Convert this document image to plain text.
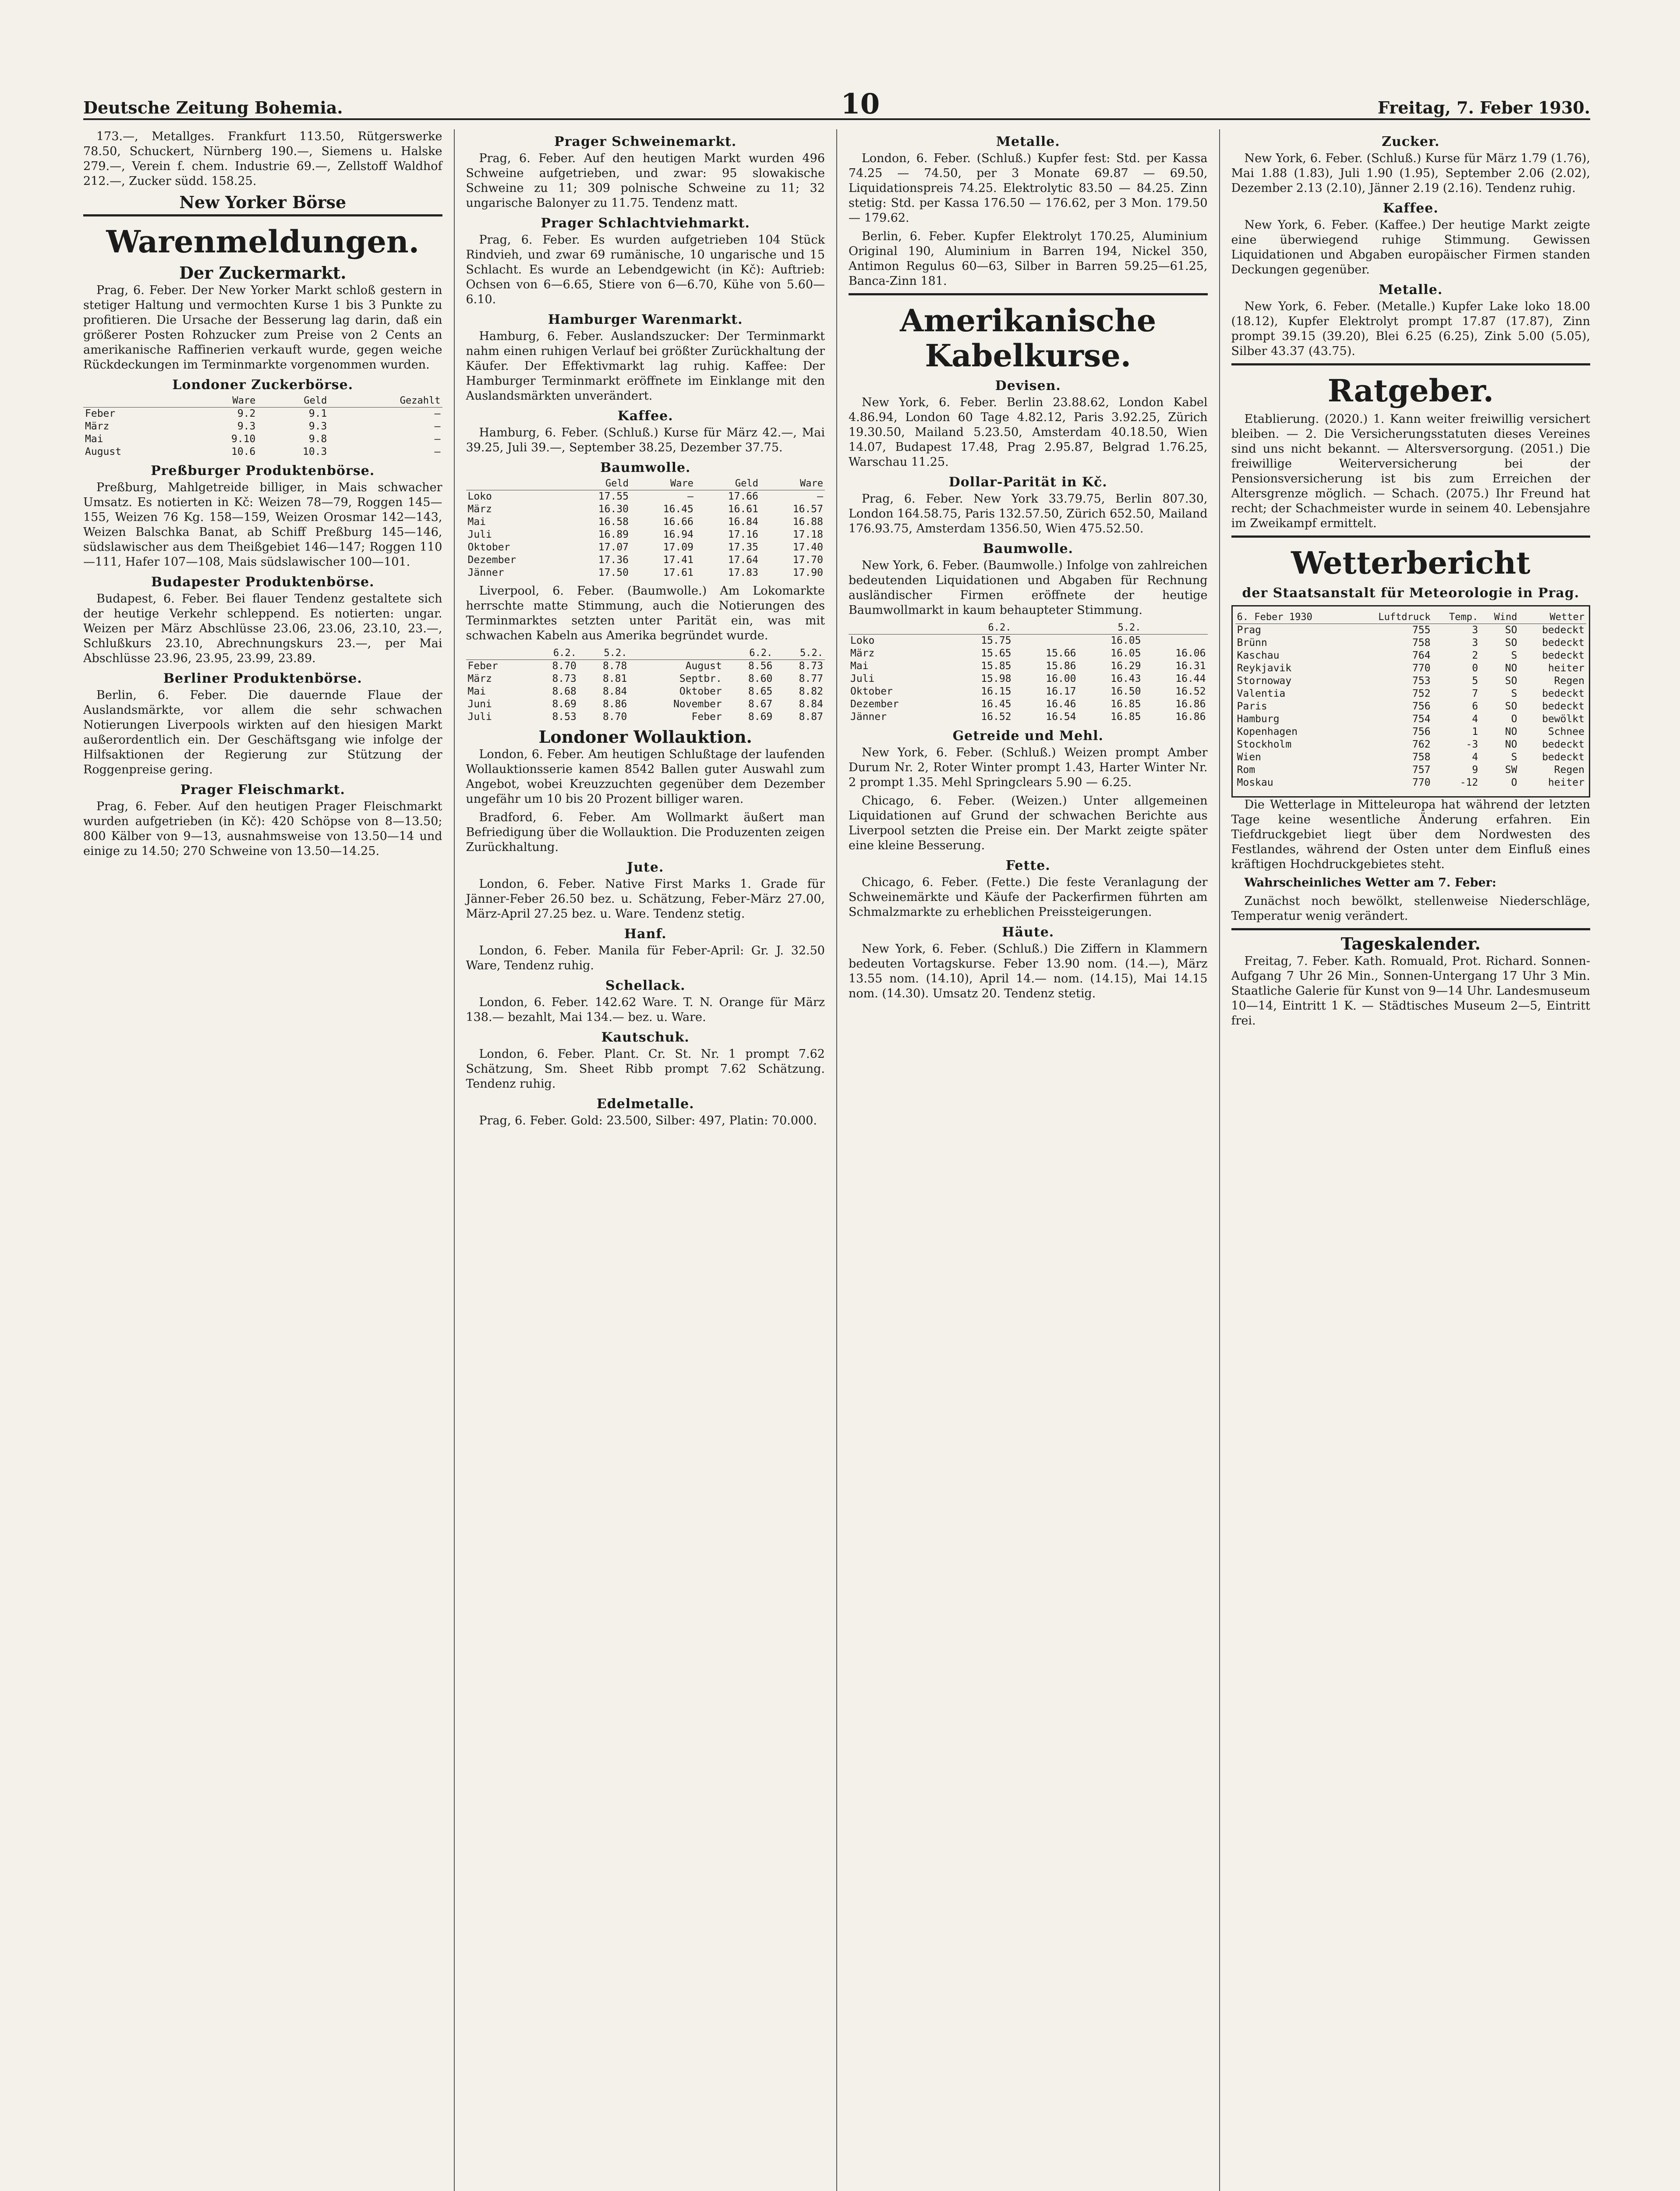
Deutsche Zeitung Bohemia.	10	Freitag, 7. Feber 1930.

173.—, Metallges. Frankfurt 113.50, Rütgerswerke 78.50, Schuckert, Nürnberg 190.—, Siemens u. Halske 279.—, Verein f. chem. Industrie 69.—, Zellstoff Waldhof 212.—, Zucker südd. 158.25.

New Yorker Börse
Warenmeldungen.
Der Zuckermarkt.

Prag, 6. Feber. Der New Yorker Markt schloß gestern in stetiger Haltung und vermochten Kurse 1 bis 3 Punkte zu profitieren. Die Ursache der Besserung lag darin, daß ein größerer Posten Rohzucker zum Preise von 2 Cents an amerikanische Raffinerien verkauft wurde, gegen weiche Rückdeckungen im Terminmarkte vorgenommen wurden.

Londoner Zuckerbörse.
	Ware	Geld	Gezahlt
Feber	9.2	9.1	—
März	9.3	9.3	—
Mai	9.10	9.8	—
August	10.6	10.3	—
Preßburger Produktenbörse.

Preßburg, Mahlgetreide billiger, in Mais schwacher Umsatz. Es notierten in Kč: Weizen 78—79, Roggen 145—155, Weizen 76 Kg. 158—159, Weizen Orosmar 142—143, Weizen Balschka Banat, ab Schiff Preßburg 145—146, südslawischer aus dem Theißgebiet 146—147; Roggen 110—111, Hafer 107—108, Mais südslawischer 100—101.

Budapester Produktenbörse.

Budapest, 6. Feber. Bei flauer Tendenz gestaltete sich der heutige Verkehr schleppend. Es notierten: ungar. Weizen per März Abschlüsse 23.06, 23.06, 23.10, 23.—, Schlußkurs 23.10, Abrechnungskurs 23.—, per Mai Abschlüsse 23.96, 23.95, 23.99, 23.89.

Berliner Produktenbörse.

Berlin, 6. Feber. Die dauernde Flaue der Auslandsmärkte, vor allem die sehr schwachen Notierungen Liverpools wirkten auf den hiesigen Markt außerordentlich ein. Der Geschäftsgang wie infolge der Hilfsaktionen der Regierung zur Stützung der Roggenpreise gering.

Prager Fleischmarkt.

Prag, 6. Feber. Auf den heutigen Prager Fleischmarkt wurden aufgetrieben (in Kč): 420 Schöpse von 8—13.50; 800 Kälber von 9—13, ausnahmsweise von 13.50—14 und einige zu 14.50; 270 Schweine von 13.50—14.25.

Prager Schweinemarkt.

Prag, 6. Feber. Auf den heutigen Markt wurden 496 Schweine aufgetrieben, und zwar: 95 slowakische Schweine zu 11; 309 polnische Schweine zu 11; 32 ungarische Balonyer zu 11.75. Tendenz matt.

Prager Schlachtviehmarkt.

Prag, 6. Feber. Es wurden aufgetrieben 104 Stück Rindvieh, und zwar 69 rumänische, 10 ungarische und 15 Schlacht. Es wurde an Lebendgewicht (in Kč): Auftrieb: Ochsen von 6—6.65, Stiere von 6—6.70, Kühe von 5.60—6.10.

Hamburger Warenmarkt.

Hamburg, 6. Feber. Auslandszucker: Der Terminmarkt nahm einen ruhigen Verlauf bei größter Zurückhaltung der Käufer. Der Effektivmarkt lag ruhig. Kaffee: Der Hamburger Terminmarkt eröffnete im Einklange mit den Auslandsmärkten unverändert.

Kaffee.

Hamburg, 6. Feber. (Schluß.) Kurse für März 42.—, Mai 39.25, Juli 39.—, September 38.25, Dezember 37.75.

Baumwolle.
	Geld	Ware	Geld	Ware
Loko	17.55	—	17.66	—
März	16.30	16.45	16.61	16.57
Mai	16.58	16.66	16.84	16.88
Juli	16.89	16.94	17.16	17.18
Oktober	17.07	17.09	17.35	17.40
Dezember	17.36	17.41	17.64	17.70
Jänner	17.50	17.61	17.83	17.90

Liverpool, 6. Feber. (Baumwolle.) Am Lokomarkte herrschte matte Stimmung, auch die Notierungen des Terminmarktes setzten unter Parität ein, was mit schwachen Kabeln aus Amerika begründet wurde.

	6.2.	5.2.		6.2.	5.2.
Feber	8.70	8.78	August	8.56	8.73
März	8.73	8.81	Septbr.	8.60	8.77
Mai	8.68	8.84	Oktober	8.65	8.82
Juni	8.69	8.86	November	8.67	8.84
Juli	8.53	8.70	Feber	8.69	8.87
Londoner Wollauktion.

London, 6. Feber. Am heutigen Schlußtage der laufenden Wollauktionsserie kamen 8542 Ballen guter Auswahl zum Angebot, wobei Kreuzzuchten gegenüber dem Dezember ungefähr um 10 bis 20 Prozent billiger waren.

Bradford, 6. Feber. Am Wollmarkt äußert man Befriedigung über die Wollauktion. Die Produzenten zeigen Zurückhaltung.

Jute.

London, 6. Feber. Native First Marks 1. Grade für Jänner-Feber 26.50 bez. u. Schätzung, Feber-März 27.00, März-April 27.25 bez. u. Ware. Tendenz stetig.

Hanf.

London, 6. Feber. Manila für Feber-April: Gr. J. 32.50 Ware, Tendenz ruhig.

Schellack.

London, 6. Feber. 142.62 Ware. T. N. Orange für März 138.— bezahlt, Mai 134.— bez. u. Ware.

Kautschuk.

London, 6. Feber. Plant. Cr. St. Nr. 1 prompt 7.62 Schätzung, Sm. Sheet Ribb prompt 7.62 Schätzung. Tendenz ruhig.

Edelmetalle.

Prag, 6. Feber. Gold: 23.500, Silber: 497, Platin: 70.000.

Metalle.

London, 6. Feber. (Schluß.) Kupfer fest: Std. per Kassa 74.25 — 74.50, per 3 Monate 69.87 — 69.50, Liquidationspreis 74.25. Elektrolytic 83.50 — 84.25. Zinn stetig: Std. per Kassa 176.50 — 176.62, per 3 Mon. 179.50 — 179.62.

Berlin, 6. Feber. Kupfer Elektrolyt 170.25, Aluminium Original 190, Aluminium in Barren 194, Nickel 350, Antimon Regulus 60—63, Silber in Barren 59.25—61.25, Banca-Zinn 181.

Amerikanische Kabelkurse.
Devisen.

New York, 6. Feber. Berlin 23.88.62, London Kabel 4.86.94, London 60 Tage 4.82.12, Paris 3.92.25, Zürich 19.30.50, Mailand 5.23.50, Amsterdam 40.18.50, Wien 14.07, Budapest 17.48, Prag 2.95.87, Belgrad 1.76.25, Warschau 11.25.

Dollar-Parität in Kč.

Prag, 6. Feber. New York 33.79.75, Berlin 807.30, London 164.58.75, Paris 132.57.50, Zürich 652.50, Mailand 176.93.75, Amsterdam 1356.50, Wien 475.52.50.

Baumwolle.

New York, 6. Feber. (Baumwolle.) Infolge von zahlreichen bedeutenden Liquidationen und Abgaben für Rechnung ausländischer Firmen eröffnete der heutige Baumwollmarkt in kaum behaupteter Stimmung.

	6.2.		5.2.	
Loko	15.75		16.05	
März	15.65	15.66	16.05	16.06
Mai	15.85	15.86	16.29	16.31
Juli	15.98	16.00	16.43	16.44
Oktober	16.15	16.17	16.50	16.52
Dezember	16.45	16.46	16.85	16.86
Jänner	16.52	16.54	16.85	16.86
Getreide und Mehl.

New York, 6. Feber. (Schluß.) Weizen prompt Amber Durum Nr. 2, Roter Winter prompt 1.43, Harter Winter Nr. 2 prompt 1.35. Mehl Springclears 5.90 — 6.25.

Chicago, 6. Feber. (Weizen.) Unter allgemeinen Liquidationen auf Grund der schwachen Berichte aus Liverpool setzten die Preise ein. Der Markt zeigte später eine kleine Besserung.

Fette.

Chicago, 6. Feber. (Fette.) Die feste Veranlagung der Schweinemärkte und Käufe der Packerfirmen führten am Schmalzmarkte zu erheblichen Preissteigerungen.

Häute.

New York, 6. Feber. (Schluß.) Die Ziffern in Klammern bedeuten Vortagskurse. Feber 13.90 nom. (14.—), März 13.55 nom. (14.10), April 14.— nom. (14.15), Mai 14.15 nom. (14.30). Umsatz 20. Tendenz stetig.

Zucker.

New York, 6. Feber. (Schluß.) Kurse für März 1.79 (1.76), Mai 1.88 (1.83), Juli 1.90 (1.95), September 2.06 (2.02), Dezember 2.13 (2.10), Jänner 2.19 (2.16). Tendenz ruhig.

Kaffee.

New York, 6. Feber. (Kaffee.) Der heutige Markt zeigte eine überwiegend ruhige Stimmung. Gewissen Liquidationen und Abgaben europäischer Firmen standen Deckungen gegenüber.

Metalle.

New York, 6. Feber. (Metalle.) Kupfer Lake loko 18.00 (18.12), Kupfer Elektrolyt prompt 17.87 (17.87), Zinn prompt 39.15 (39.20), Blei 6.25 (6.25), Zink 5.00 (5.05), Silber 43.37 (43.75).

Ratgeber.

Etablierung. (2020.) 1. Kann weiter freiwillig versichert bleiben. — 2. Die Versicherungsstatuten dieses Vereines sind uns nicht bekannt. — Altersversorgung. (2051.) Die freiwillige Weiterversicherung bei der Pensionsversicherung ist bis zum Erreichen der Altersgrenze möglich. — Schach. (2075.) Ihr Freund hat recht; der Schachmeister wurde in seinem 40. Lebensjahre im Zweikampf ermittelt.

Wetterbericht
der Staatsanstalt für Meteorologie in Prag.
6. Feber 1930	Luftdruck	Temp.	Wind	Wetter
Prag	755	3	SO	bedeckt
Brünn	758	3	SO	bedeckt
Kaschau	764	2	S	bedeckt
Reykjavik	770	0	NO	heiter
Stornoway	753	5	SO	Regen
Valentia	752	7	S	bedeckt
Paris	756	6	SO	bedeckt
Hamburg	754	4	O	bewölkt
Kopenhagen	756	1	NO	Schnee
Stockholm	762	-3	NO	bedeckt
Wien	758	4	S	bedeckt
Rom	757	9	SW	Regen
Moskau	770	-12	O	heiter

Die Wetterlage in Mitteleuropa hat während der letzten Tage keine wesentliche Änderung erfahren. Ein Tiefdruckgebiet liegt über dem Nordwesten des Festlandes, während der Osten unter dem Einfluß eines kräftigen Hochdruckgebietes steht.

Wahrscheinliches Wetter am 7. Feber:

Zunächst noch bewölkt, stellenweise Niederschläge, Temperatur wenig verändert.

Tageskalender.

Freitag, 7. Feber. Kath. Romuald, Prot. Richard. Sonnen-Aufgang 7 Uhr 26 Min., Sonnen-Untergang 17 Uhr 3 Min. Staatliche Galerie für Kunst von 9—14 Uhr. Landesmuseum 10—14, Eintritt 1 K. — Städtisches Museum 2—5, Eintritt frei.
